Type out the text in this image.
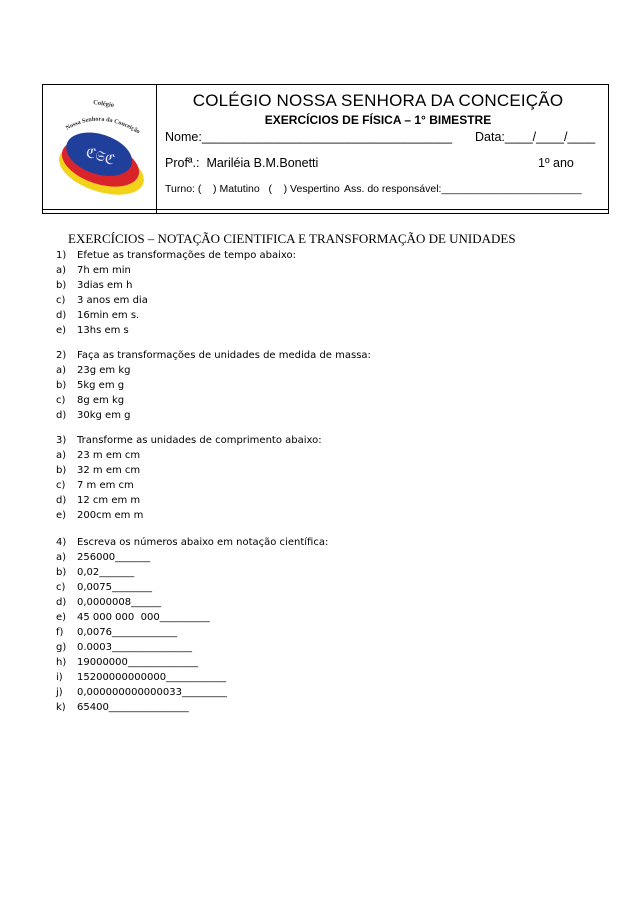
Colégio
Nossa Senhora da Conceição
ℭ𝔖ℭ
COLÉGIO NOSSA SENHORA DA CONCEIÇÃO
EXERCÍCIOS DE FÍSICA – 1° BIMESTRE
Nome:____________________________________ Data:____/____/____
Profª.:  Mariléia B.M.Bonetti	1º ano
Turno: (    ) Matutino   (    ) Vespertino Ass. do responsável:________________________
EXERCÍCIOS – NOTAÇÃO CIENTIFICA E TRANSFORMAÇÃO DE UNIDADES
1)	Efetue as transformações de tempo abaixo:
a)	7h em min
b)	3dias em h
c)	3 anos em dia
d)	16min em s.
e)	13hs em s
2)	Faça as transformações de unidades de medida de massa:
a)	23g em kg
b)	5kg em g
c)	8g em kg
d)	30kg em g
3)	Transforme as unidades de comprimento abaixo:
a)	23 m em cm
b)	32 m em cm
c)	7 m em cm
d)	12 cm em m
e)	200cm em m
4)	Escreva os números abaixo em notação científica:
a)	256000_______
b)	0,02_______
c)	0,0075________
d)	0,0000008______
e)	45 000 000  000__________
f)	0,0076_____________
g)	0.0003________________
h)	19000000______________
i)	15200000000000____________
j)	0,000000000000033_________
k)	65400________________
